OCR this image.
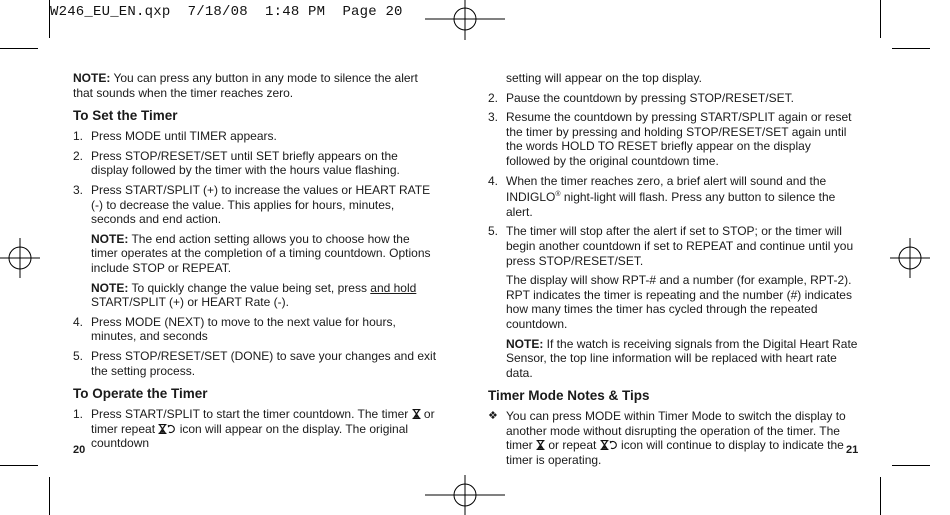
W246_EU_EN.qxp  7/18/08  1:48 PM  Page 20

NOTE: You can press any button in any mode to silence the alert that sounds when the timer reaches zero.

To Set the Timer
1. Press MODE until TIMER appears.
2. Press STOP/RESET/SET until SET briefly appears on the display followed by the timer with the hours value flashing.
3. Press START/SPLIT (+) to increase the values or HEART RATE (-) to decrease the value. This applies for hours, minutes, seconds and end action.

NOTE: The end action setting allows you to choose how the timer operates at the completion of a timing countdown. Options include STOP or REPEAT.

NOTE: To quickly change the value being set, press and hold START/SPLIT (+) or HEART Rate (-).

4. Press MODE (NEXT) to move to the next value for hours, minutes, and seconds
5. Press STOP/RESET/SET (DONE) to save your changes and exit the setting process.
To Operate the Timer
1. Press START/SPLIT to start the timer countdown. The timer  or timer repeat  icon will appear on the display. The original countdown
20

setting will appear on the top display.

2. Pause the countdown by pressing STOP/RESET/SET.
3. Resume the countdown by pressing START/SPLIT again or reset the timer by pressing and holding STOP/RESET/SET again until the words HOLD TO RESET briefly appear on the display followed by the original countdown time.
4. When the timer reaches zero, a brief alert will sound and the INDIGLO® night-light will flash. Press any button to silence the alert.
5. The timer will stop after the alert if set to STOP; or the timer will begin another countdown if set to REPEAT and continue until you press STOP/RESET/SET.

The display will show RPT-# and a number (for example, RPT-2). RPT indicates the timer is repeating and the number (#) indicates how many times the timer has cycled through the repeated countdown.

NOTE: If the watch is receiving signals from the Digital Heart Rate Sensor, the top line information will be replaced with heart rate data.

Timer Mode Notes & Tips
❖ You can press MODE within Timer Mode to switch the display to another mode without disrupting the operation of the timer. The timer  or repeat  icon will continue to display to indicate the timer is operating.
21
